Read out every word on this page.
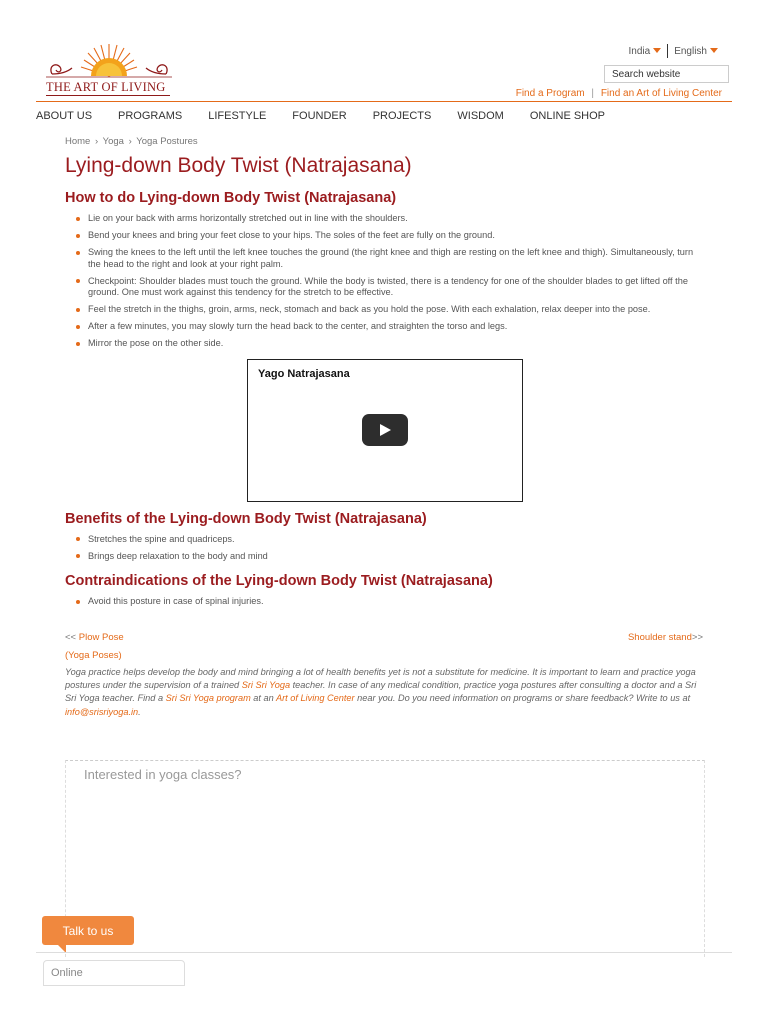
THE ART OF LIVING
India	English
Search website
Find a Program | Find an Art of Living Center
ABOUT US PROGRAMS LIFESTYLE FOUNDER PROJECTS WISDOM ONLINE SHOP
Home › Yoga › Yoga Postures
Lying-down Body Twist (Natrajasana)
How to do Lying-down Body Twist (Natrajasana)
Lie on your back with arms horizontally stretched out in line with the shoulders.
Bend your knees and bring your feet close to your hips. The soles of the feet are fully on the ground.
Swing the knees to the left until the left knee touches the ground (the right knee and thigh are resting on the left knee and thigh). Simultaneously, turn the head to the right and look at your right palm.
Checkpoint: Shoulder blades must touch the ground. While the body is twisted, there is a tendency for one of the shoulder blades to get lifted off the ground. One must work against this tendency for the stretch to be effective.
Feel the stretch in the thighs, groin, arms, neck, stomach and back as you hold the pose. With each exhalation, relax deeper into the pose.
After a few minutes, you may slowly turn the head back to the center, and straighten the torso and legs.
Mirror the pose on the other side.
Yago Natrajasana
Benefits of the Lying-down Body Twist (Natrajasana)
Stretches the spine and quadriceps.
Brings deep relaxation to the body and mind
Contraindications of the Lying-down Body Twist (Natrajasana)
Avoid this posture in case of spinal injuries.
<< Plow Pose	Shoulder stand>>
(Yoga Poses)
Yoga practice helps develop the body and mind bringing a lot of health benefits yet is not a substitute for medicine. It is important to learn and practice yoga postures under the supervision of a trained Sri Sri Yoga teacher. In case of any medical condition, practice yoga postures after consulting a doctor and a Sri Sri Yoga teacher. Find a Sri Sri Yoga program at an Art of Living Center near you. Do you need information on programs or share feedback? Write to us at info@srisriyoga.in.
Interested in yoga classes?
Talk to us
Online
